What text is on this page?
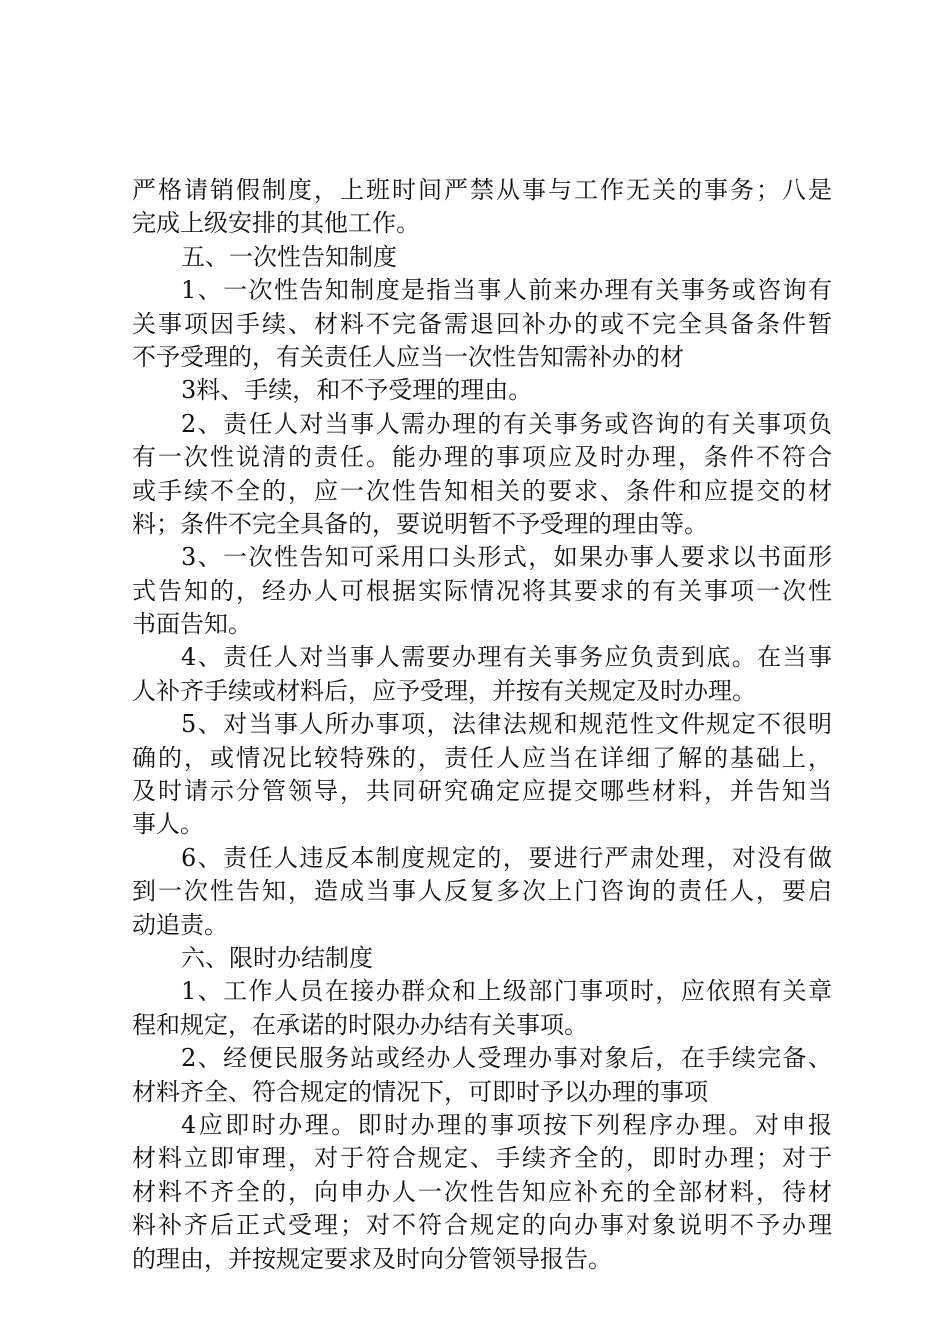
严格请销假制度，上班时间严禁从事与工作无关的事务；八是
完成上级安排的其他工作。
五、一次性告知制度
1、一次性告知制度是指当事人前来办理有关事务或咨询有
关事项因手续、材料不完备需退回补办的或不完全具备条件暂
不予受理的，有关责任人应当一次性告知需补办的材
3料、手续，和不予受理的理由。
2、责任人对当事人需办理的有关事务或咨询的有关事项负
有一次性说清的责任。能办理的事项应及时办理，条件不符合
或手续不全的，应一次性告知相关的要求、条件和应提交的材
料；条件不完全具备的，要说明暂不予受理的理由等。
3、一次性告知可采用口头形式，如果办事人要求以书面形
式告知的，经办人可根据实际情况将其要求的有关事项一次性
书面告知。
4、责任人对当事人需要办理有关事务应负责到底。在当事
人补齐手续或材料后，应予受理，并按有关规定及时办理。
5、对当事人所办事项，法律法规和规范性文件规定不很明
确的，或情况比较特殊的，责任人应当在详细了解的基础上，
及时请示分管领导，共同研究确定应提交哪些材料，并告知当
事人。
6、责任人违反本制度规定的，要进行严肃处理，对没有做
到一次性告知，造成当事人反复多次上门咨询的责任人，要启
动追责。
六、限时办结制度
1、工作人员在接办群众和上级部门事项时，应依照有关章
程和规定，在承诺的时限办办结有关事项。
2、经便民服务站或经办人受理办事对象后，在手续完备、
材料齐全、符合规定的情况下，可即时予以办理的事项
4应即时办理。即时办理的事项按下列程序办理。对申报
材料立即审理，对于符合规定、手续齐全的，即时办理；对于
材料不齐全的，向申办人一次性告知应补充的全部材料，待材
料补齐后正式受理；对不符合规定的向办事对象说明不予办理
的理由，并按规定要求及时向分管领导报告。
